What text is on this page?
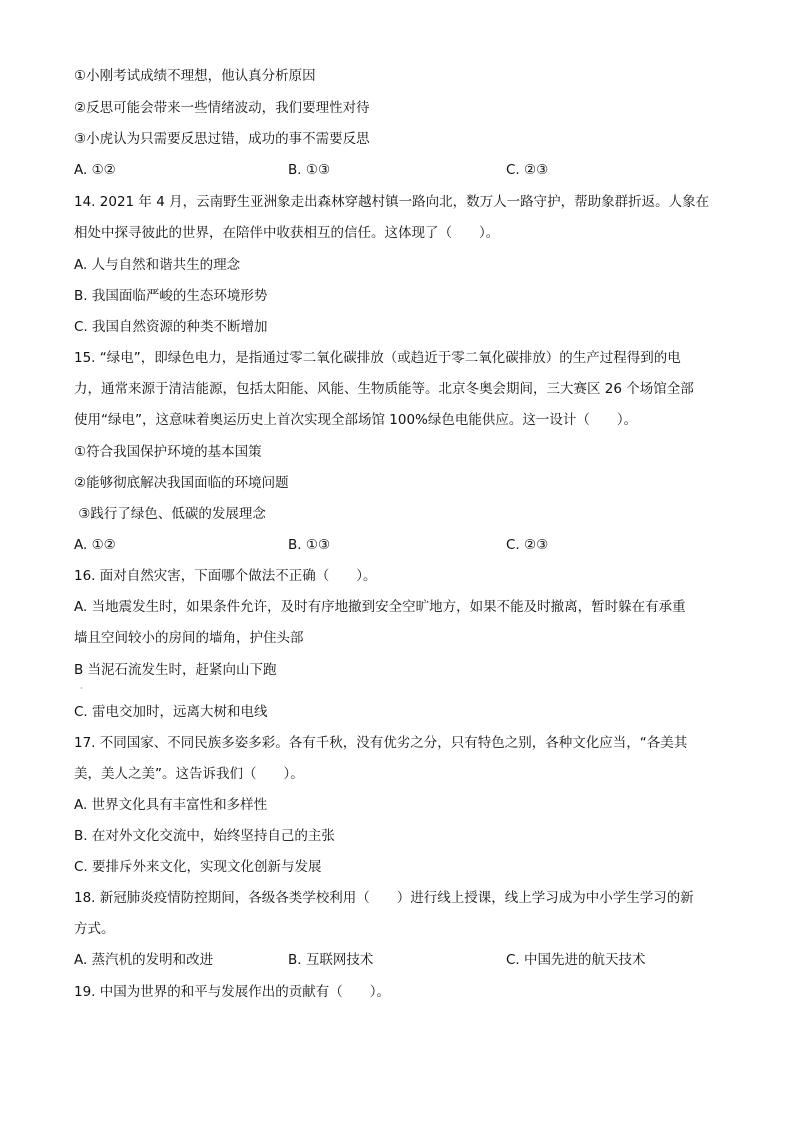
①小刚考试成绩不理想，他认真分析原因
②反思可能会带来一些情绪波动，我们要理性对待
③小虎认为只需要反思过错，成功的事不需要反思
A. ①②	B. ①③	C. ②③
14. 2021 年 4 月，云南野生亚洲象走出森林穿越村镇一路向北，数万人一路守护，帮助象群折返。人象在
相处中探寻彼此的世界，在陪伴中收获相互的信任。这体现了（　　）。
A. 人与自然和谐共生的理念
B. 我国面临严峻的生态环境形势
C. 我国自然资源的种类不断增加
15. “绿电”，即绿色电力，是指通过零二氧化碳排放（或趋近于零二氧化碳排放）的生产过程得到的电
力，通常来源于清洁能源，包括太阳能、风能、生物质能等。北京冬奥会期间，三大赛区 26 个场馆全部
使用“绿电”，这意味着奥运历史上首次实现全部场馆 100%绿色电能供应。这一设计（　　）。
①符合我国保护环境的基本国策
②能够彻底解决我国面临的环境问题
③践行了绿色、低碳的发展理念
A. ①②	B. ①③	C. ②③
16. 面对自然灾害，下面哪个做法不正确（　　）。
A. 当地震发生时，如果条件允许，及时有序地撤到安全空旷地方，如果不能及时撤离，暂时躲在有承重
墙且空间较小的房间的墙角，护住头部
B 当泥石流发生时，赶紧向山下跑
·
C. 雷电交加时，远离大树和电线
17. 不同国家、不同民族多姿多彩。各有千秋，没有优劣之分，只有特色之别，各种文化应当，“各美其
美，美人之美”。这告诉我们（　　）。
A. 世界文化具有丰富性和多样性
B. 在对外文化交流中，始终坚持自己的主张
C. 要排斥外来文化，实现文化创新与发展
18. 新冠肺炎疫情防控期间，各级各类学校利用（　　）进行线上授课，线上学习成为中小学生学习的新
方式。
A. 蒸汽机的发明和改进	B. 互联网技术	C. 中国先进的航天技术
19. 中国为世界的和平与发展作出的贡献有（　　）。
